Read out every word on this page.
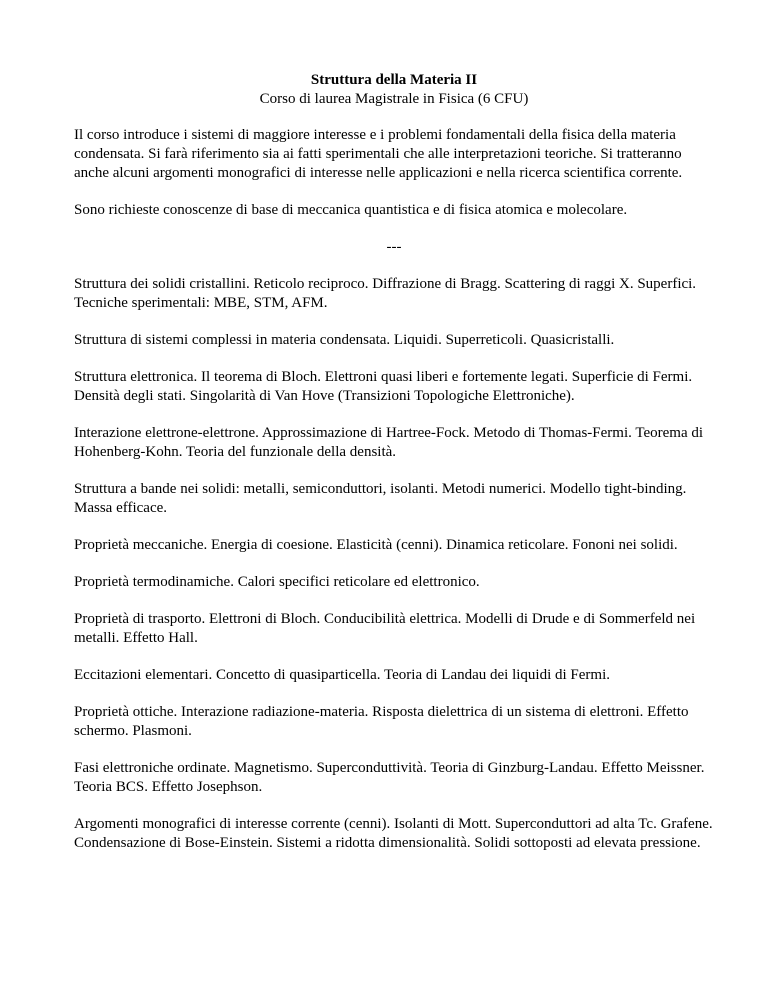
Struttura della Materia II

Corso di laurea Magistrale in Fisica (6 CFU)

Il corso introduce i sistemi di maggiore interesse e i problemi fondamentali della fisica della materia condensata. Si farà riferimento sia ai fatti sperimentali che alle interpretazioni teoriche. Si tratteranno anche alcuni argomenti monografici di interesse nelle applicazioni e nella ricerca scientifica corrente.

Sono richieste conoscenze di base di meccanica quantistica e di fisica atomica e molecolare.

---

Struttura dei solidi cristallini. Reticolo reciproco. Diffrazione di Bragg. Scattering di raggi X. Superfici. Tecniche sperimentali: MBE, STM, AFM.

Struttura di sistemi complessi in materia condensata. Liquidi. Superreticoli. Quasicristalli.

Struttura elettronica. Il teorema di Bloch. Elettroni quasi liberi e fortemente legati. Superficie di Fermi. Densità degli stati. Singolarità di Van Hove (Transizioni Topologiche Elettroniche).

Interazione elettrone-elettrone. Approssimazione di Hartree-Fock. Metodo di Thomas-Fermi. Teorema di Hohenberg-Kohn. Teoria del funzionale della densità.

Struttura a bande nei solidi: metalli, semiconduttori, isolanti. Metodi numerici. Modello tight-binding. Massa efficace.

Proprietà meccaniche. Energia di coesione. Elasticità (cenni). Dinamica reticolare. Fononi nei solidi.

Proprietà termodinamiche. Calori specifici reticolare ed elettronico.

Proprietà di trasporto. Elettroni di Bloch. Conducibilità elettrica. Modelli di Drude e di Sommerfeld nei metalli. Effetto Hall.

Eccitazioni elementari. Concetto di quasiparticella. Teoria di Landau dei liquidi di Fermi.

Proprietà ottiche. Interazione radiazione-materia. Risposta dielettrica di un sistema di elettroni. Effetto schermo. Plasmoni.

Fasi elettroniche ordinate. Magnetismo. Superconduttività. Teoria di Ginzburg-Landau. Effetto Meissner. Teoria BCS. Effetto Josephson.

Argomenti monografici di interesse corrente (cenni). Isolanti di Mott. Superconduttori ad alta Tc. Grafene. Condensazione di Bose-Einstein. Sistemi a ridotta dimensionalità. Solidi sottoposti ad elevata pressione.
